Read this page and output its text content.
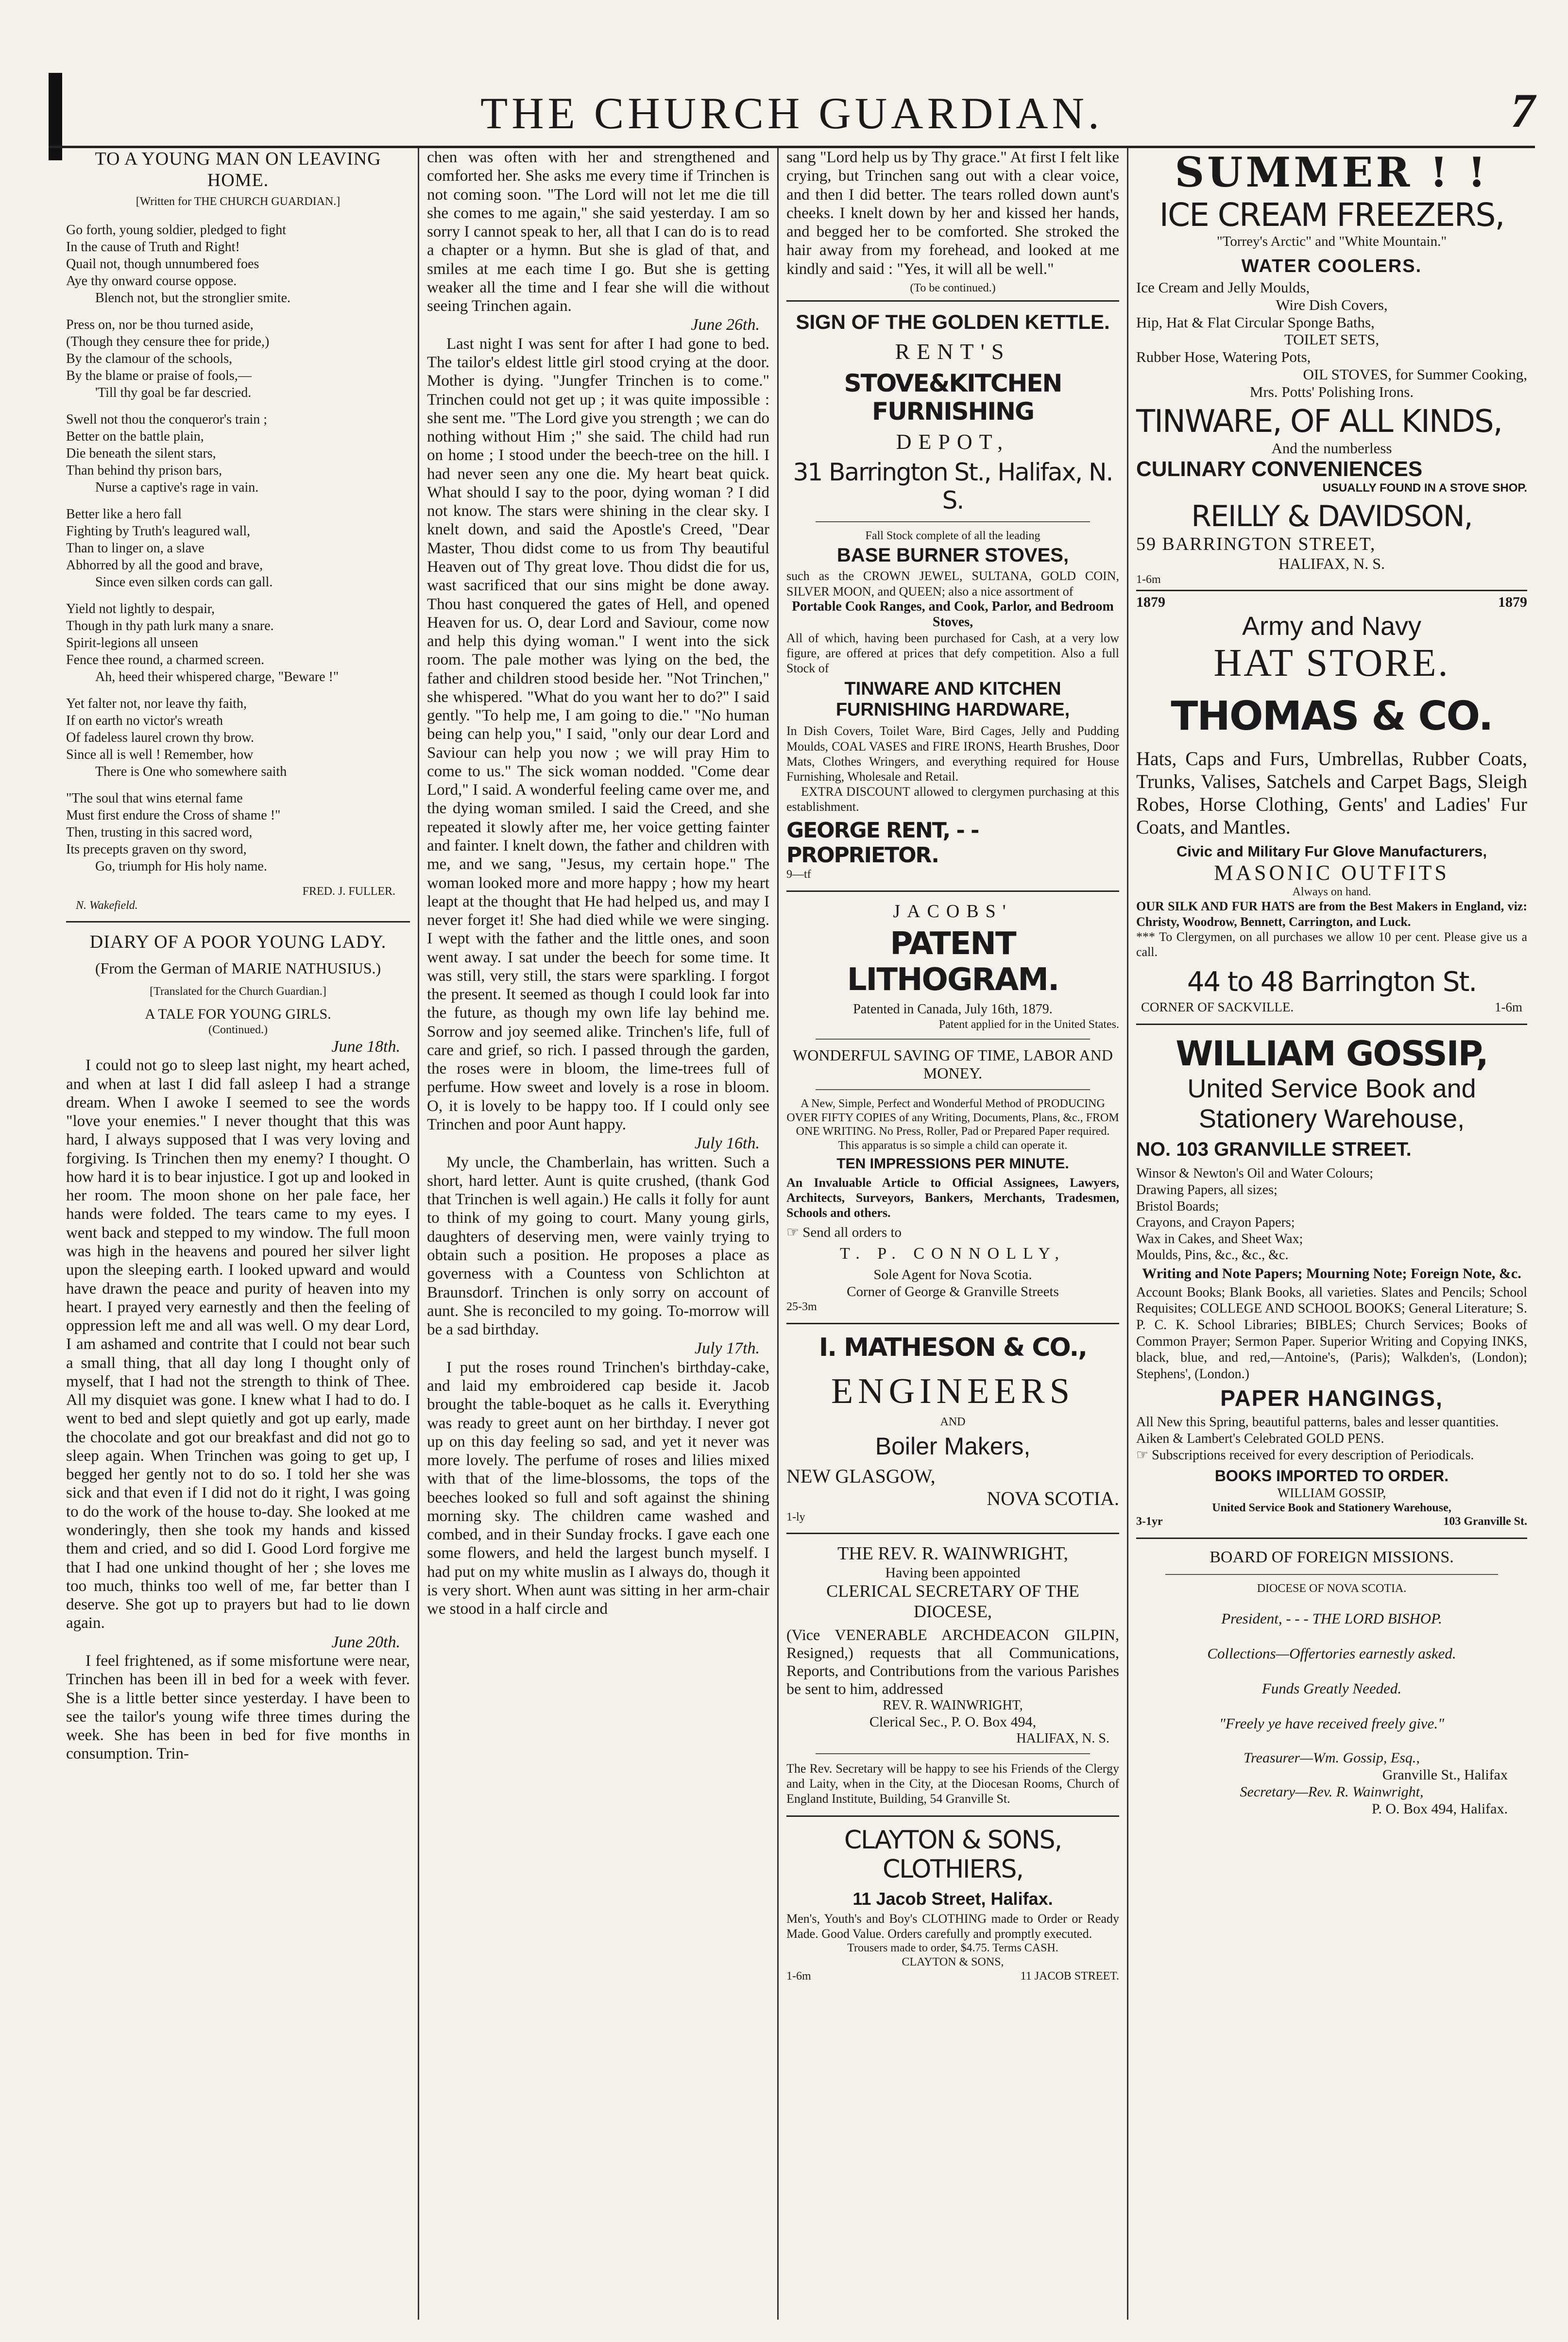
THE CHURCH GUARDIAN.	7
TO A YOUNG MAN ON LEAVING HOME.

[Written for THE CHURCH GUARDIAN.]

Go forth, young soldier, pledged to fight

In the cause of Truth and Right!

Quail not, though unnumbered foes

Aye thy onward course oppose.

Blench not, but the stronglier smite.

Press on, nor be thou turned aside,

(Though they censure thee for pride,)

By the clamour of the schools,

By the blame or praise of fools,—

'Till thy goal be far descried.

Swell not thou the conqueror's train ;

Better on the battle plain,

Die beneath the silent stars,

Than behind thy prison bars,

Nurse a captive's rage in vain.

Better like a hero fall

Fighting by Truth's leagured wall,

Than to linger on, a slave

Abhorred by all the good and brave,

Since even silken cords can gall.

Yield not lightly to despair,

Though in thy path lurk many a snare.

Spirit-legions all unseen

Fence thee round, a charmed screen.

Ah, heed their whispered charge, "Beware !"

Yet falter not, nor leave thy faith,

If on earth no victor's wreath

Of fadeless laurel crown thy brow.

Since all is well ! Remember, how

There is One who somewhere saith

"The soul that wins eternal fame

Must first endure the Cross of shame !"

Then, trusting in this sacred word,

Its precepts graven on thy sword,

Go, triumph for His holy name.

FRED. J. FULLER.

N. Wakefield.

DIARY OF A POOR YOUNG LADY.

(From the German of MARIE NATHUSIUS.)

[Translated for the Church Guardian.]

A TALE FOR YOUNG GIRLS.

(Continued.)

June 18th.

I could not go to sleep last night, my heart ached, and when at last I did fall asleep I had a strange dream. When I awoke I seemed to see the words "love your enemies." I never thought that this was hard, I always supposed that I was very loving and forgiving. Is Trinchen then my enemy? I thought. O how hard it is to bear injustice. I got up and looked in her room. The moon shone on her pale face, her hands were folded. The tears came to my eyes. I went back and stepped to my window. The full moon was high in the heavens and poured her silver light upon the sleeping earth. I looked upward and would have drawn the peace and purity of heaven into my heart. I prayed very earnestly and then the feeling of oppression left me and all was well. O my dear Lord, I am ashamed and contrite that I could not bear such a small thing, that all day long I thought only of myself, that I had not the strength to think of Thee. All my disquiet was gone. I knew what I had to do. I went to bed and slept quietly and got up early, made the chocolate and got our breakfast and did not go to sleep again. When Trinchen was going to get up, I begged her gently not to do so. I told her she was sick and that even if I did not do it right, I was going to do the work of the house to-day. She looked at me wonderingly, then she took my hands and kissed them and cried, and so did I. Good Lord forgive me that I had one unkind thought of her ; she loves me too much, thinks too well of me, far better than I deserve. She got up to prayers but had to lie down again.

June 20th.

I feel frightened, as if some misfortune were near, Trinchen has been ill in bed for a week with fever. She is a little better since yesterday. I have been to see the tailor's young wife three times during the week. She has been in bed for five months in consumption. Trin-

chen was often with her and strengthened and comforted her. She asks me every time if Trinchen is not coming soon. "The Lord will not let me die till she comes to me again," she said yesterday. I am so sorry I cannot speak to her, all that I can do is to read a chapter or a hymn. But she is glad of that, and smiles at me each time I go. But she is getting weaker all the time and I fear she will die without seeing Trinchen again.

June 26th.

Last night I was sent for after I had gone to bed. The tailor's eldest little girl stood crying at the door. Mother is dying. "Jungfer Trinchen is to come." Trinchen could not get up ; it was quite impossible : she sent me. "The Lord give you strength ; we can do nothing without Him ;" she said. The child had run on home ; I stood under the beech-tree on the hill. I had never seen any one die. My heart beat quick. What should I say to the poor, dying woman ? I did not know. The stars were shining in the clear sky. I knelt down, and said the Apostle's Creed, "Dear Master, Thou didst come to us from Thy beautiful Heaven out of Thy great love. Thou didst die for us, wast sacrificed that our sins might be done away. Thou hast conquered the gates of Hell, and opened Heaven for us. O, dear Lord and Saviour, come now and help this dying woman." I went into the sick room. The pale mother was lying on the bed, the father and children stood beside her. "Not Trinchen," she whispered. "What do you want her to do?" I said gently. "To help me, I am going to die." "No human being can help you," I said, "only our dear Lord and Saviour can help you now ; we will pray Him to come to us." The sick woman nodded. "Come dear Lord," I said. A wonderful feeling came over me, and the dying woman smiled. I said the Creed, and she repeated it slowly after me, her voice getting fainter and fainter. I knelt down, the father and children with me, and we sang, "Jesus, my certain hope." The woman looked more and more happy ; how my heart leapt at the thought that He had helped us, and may I never forget it! She had died while we were singing. I wept with the father and the little ones, and soon went away. I sat under the beech for some time. It was still, very still, the stars were sparkling. I forgot the present. It seemed as though I could look far into the future, as though my own life lay behind me. Sorrow and joy seemed alike. Trinchen's life, full of care and grief, so rich. I passed through the garden, the roses were in bloom, the lime-trees full of perfume. How sweet and lovely is a rose in bloom. O, it is lovely to be happy too. If I could only see Trinchen and poor Aunt happy.

July 16th.

My uncle, the Chamberlain, has written. Such a short, hard letter. Aunt is quite crushed, (thank God that Trinchen is well again.) He calls it folly for aunt to think of my going to court. Many young girls, daughters of deserving men, were vainly trying to obtain such a position. He proposes a place as governess with a Countess von Schlichton at Braunsdorf. Trinchen is only sorry on account of aunt. She is reconciled to my going. To-morrow will be a sad birthday.

July 17th.

I put the roses round Trinchen's birthday-cake, and laid my embroidered cap beside it. Jacob brought the table-boquet as he calls it. Everything was ready to greet aunt on her birthday. I never got up on this day feeling so sad, and yet it never was more lovely. The perfume of roses and lilies mixed with that of the lime-blossoms, the tops of the beeches looked so full and soft against the shining morning sky. The children came washed and combed, and in their Sunday frocks. I gave each one some flowers, and held the largest bunch myself. I had put on my white muslin as I always do, though it is very short. When aunt was sitting in her arm-chair we stood in a half circle and

sang "Lord help us by Thy grace." At first I felt like crying, but Trinchen sang out with a clear voice, and then I did better. The tears rolled down aunt's cheeks. I knelt down by her and kissed her hands, and begged her to be comforted. She stroked the hair away from my forehead, and looked at me kindly and said : "Yes, it will all be well."

(To be continued.)

SIGN OF THE GOLDEN KETTLE.
RENT'S
STOVE&KITCHEN FURNISHING
DEPOT,
31 Barrington St., Halifax, N. S.

Fall Stock complete of all the leading

BASE BURNER STOVES,

such as the CROWN JEWEL, SULTANA, GOLD COIN, SILVER MOON, and QUEEN; also a nice assortment of

Portable Cook Ranges, and Cook, Parlor, and Bedroom Stoves,

All of which, having been purchased for Cash, at a very low figure, are offered at prices that defy competition. Also a full Stock of

TINWARE AND KITCHEN FURNISHING HARDWARE,

In Dish Covers, Toilet Ware, Bird Cages, Jelly and Pudding Moulds, COAL VASES and FIRE IRONS, Hearth Brushes, Door Mats, Clothes Wringers, and everything required for House Furnishing, Wholesale and Retail.

EXTRA DISCOUNT allowed to clergymen purchasing at this establishment.

GEORGE RENT, - - PROPRIETOR.

9—tf

JACOBS'
PATENT LITHOGRAM.

Patented in Canada, July 16th, 1879.

Patent applied for in the United States.

WONDERFUL SAVING OF TIME, LABOR AND MONEY.

A New, Simple, Perfect and Wonderful Method of PRODUCING OVER FIFTY COPIES of any Writing, Documents, Plans, &c., FROM ONE WRITING. No Press, Roller, Pad or Prepared Paper required. This apparatus is so simple a child can operate it.

TEN IMPRESSIONS PER MINUTE.

An Invaluable Article to Official Assignees, Lawyers, Architects, Surveyors, Bankers, Merchants, Tradesmen, Schools and others.

☞ Send all orders to

T. P. CONNOLLY,

Sole Agent for Nova Scotia.

Corner of George & Granville Streets

25-3m

I. MATHESON & CO.,
ENGINEERS

AND

Boiler Makers,

NEW GLASGOW,

NOVA SCOTIA.

1-ly

THE REV. R. WAINWRIGHT,

Having been appointed

CLERICAL SECRETARY OF THE DIOCESE,

(Vice VENERABLE ARCHDEACON GILPIN, Resigned,) requests that all Communications, Reports, and Contributions from the various Parishes be sent to him, addressed

REV. R. WAINWRIGHT,

Clerical Sec., P. O. Box 494,

HALIFAX, N. S.

The Rev. Secretary will be happy to see his Friends of the Clergy and Laity, when in the City, at the Diocesan Rooms, Church of England Institute, Building, 54 Granville St.

CLAYTON & SONS, CLOTHIERS,
11 Jacob Street, Halifax.

Men's, Youth's and Boy's CLOTHING made to Order or Ready Made. Good Value. Orders carefully and promptly executed.

Trousers made to order, $4.75. Terms CASH.

CLAYTON & SONS,

1-6m	11 JACOB STREET.

SUMMER ! !
ICE CREAM FREEZERS,

"Torrey's Arctic" and "White Mountain."

WATER COOLERS.

Ice Cream and Jelly Moulds,

Wire Dish Covers,

Hip, Hat & Flat Circular Sponge Baths,

TOILET SETS,

Rubber Hose, Watering Pots,

OIL STOVES, for Summer Cooking,

Mrs. Potts' Polishing Irons.

TINWARE, OF ALL KINDS,

And the numberless

CULINARY CONVENIENCES

USUALLY FOUND IN A STOVE SHOP.

REILLY & DAVIDSON,

59 BARRINGTON STREET,

HALIFAX, N. S.

1-6m

1879	1879

Army and Navy
HAT STORE.
THOMAS & CO.

Hats, Caps and Furs, Umbrellas, Rubber Coats, Trunks, Valises, Satchels and Carpet Bags, Sleigh Robes, Horse Clothing, Gents' and Ladies' Fur Coats, and Mantles.

Civic and Military Fur Glove Manufacturers,
MASONIC OUTFITS

Always on hand.

OUR SILK AND FUR HATS are from the Best Makers in England, viz: Christy, Woodrow, Bennett, Carrington, and Luck.

*** To Clergymen, on all purchases we allow 10 per cent. Please give us a call.

44 to 48 Barrington St.

CORNER OF SACKVILLE.	1-6m

WILLIAM GOSSIP,
United Service Book and
Stationery Warehouse,
NO. 103 GRANVILLE STREET.

Winsor & Newton's Oil and Water Colours;

Drawing Papers, all sizes;

Bristol Boards;

Crayons, and Crayon Papers;

Wax in Cakes, and Sheet Wax;

Moulds, Pins, &c., &c., &c.

Writing and Note Papers; Mourning Note; Foreign Note, &c.

Account Books; Blank Books, all varieties. Slates and Pencils; School Requisites; COLLEGE AND SCHOOL BOOKS; General Literature; S. P. C. K. School Libraries; BIBLES; Church Services; Books of Common Prayer; Sermon Paper. Superior Writing and Copying INKS, black, blue, and red,—Antoine's, (Paris); Walkden's, (London); Stephens', (London.)

PAPER HANGINGS,

All New this Spring, beautiful patterns, bales and lesser quantities.

Aiken & Lambert's Celebrated GOLD PENS.

☞ Subscriptions received for every description of Periodicals.

BOOKS IMPORTED TO ORDER.

WILLIAM GOSSIP,

United Service Book and Stationery Warehouse,

3-1yr	103 Granville St.

BOARD OF FOREIGN MISSIONS.

DIOCESE OF NOVA SCOTIA.

President, - - - THE LORD BISHOP.

Collections—Offertories earnestly asked.

Funds Greatly Needed.

"Freely ye have received freely give."

Treasurer—Wm. Gossip, Esq.,

Granville St., Halifax

Secretary—Rev. R. Wainwright,

P. O. Box 494, Halifax.
